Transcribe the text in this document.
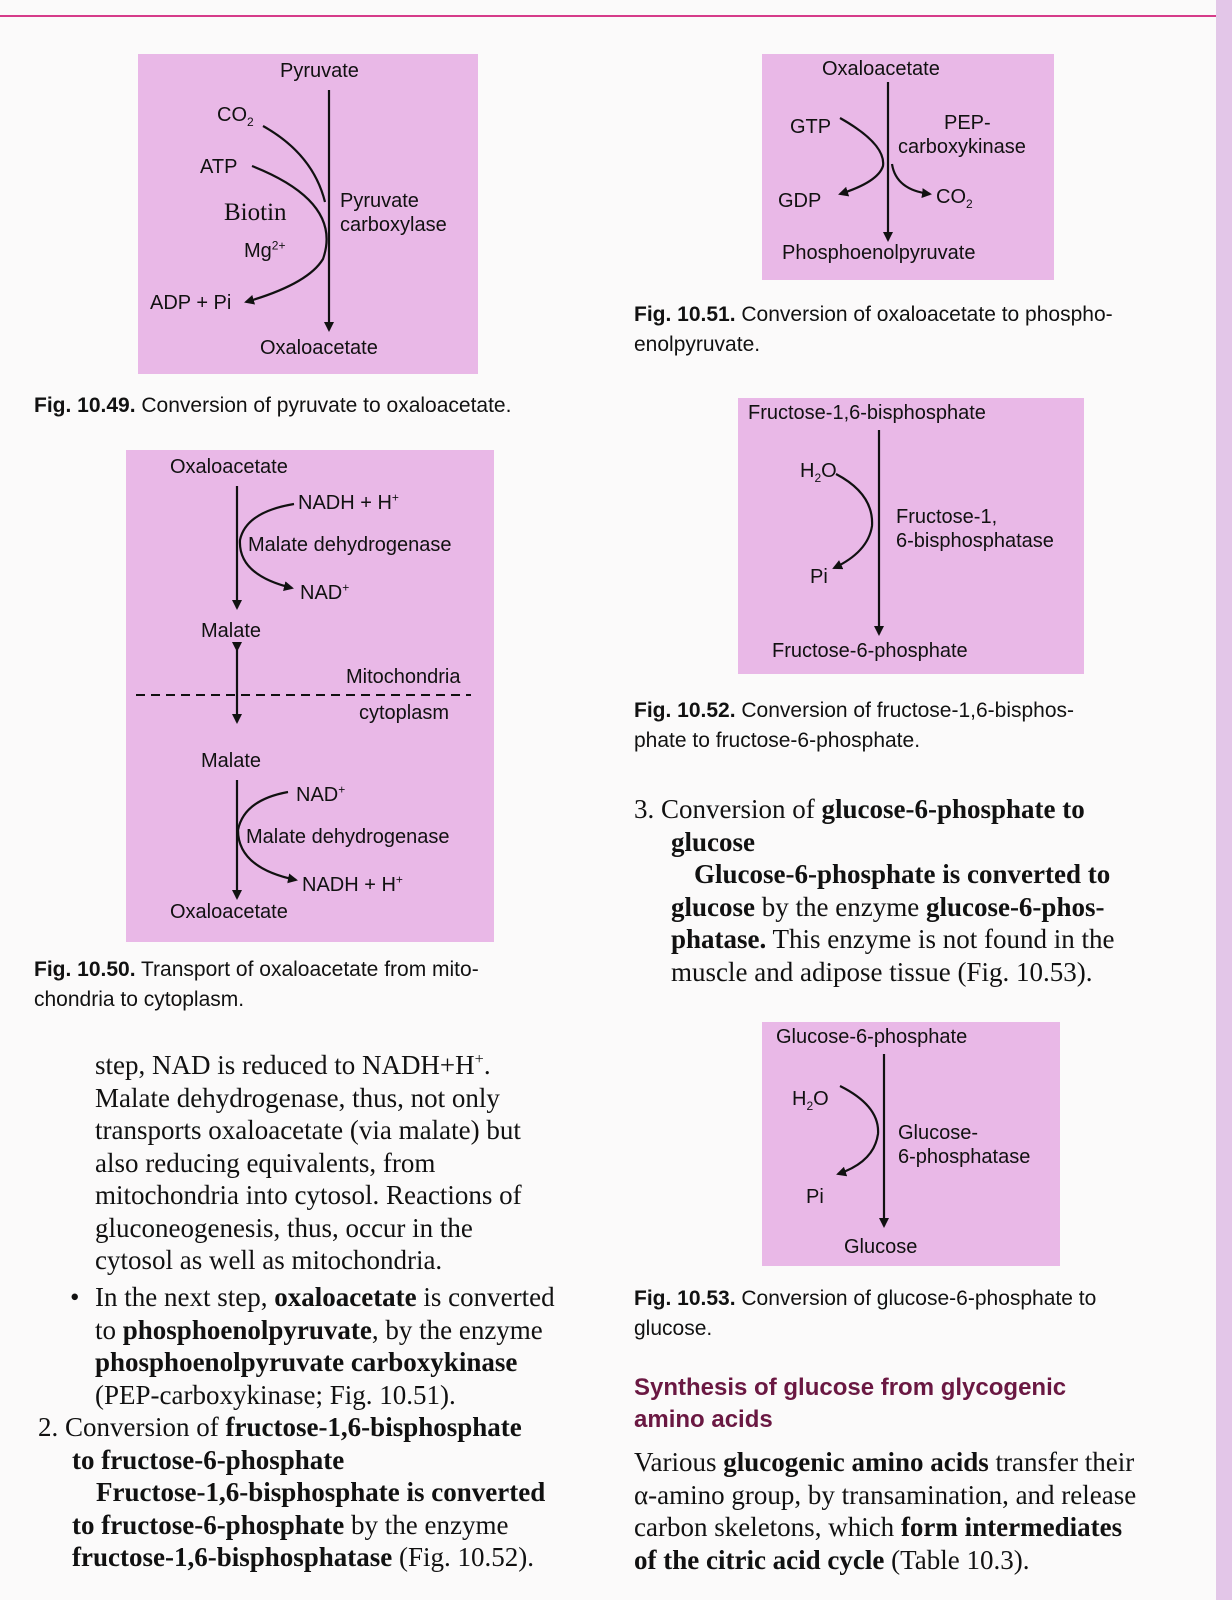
Pyruvate
$CO_2$
ATP
Biotin
$Mg^{2+}$
Pyruvate
carboxylase
ADP + Pi
Oxaloacetate
Fig. 10.49. Conversion of pyruvate to oxaloacetate.
Oxaloacetate
NADH + H+
Malate dehydrogenase
NAD+
Malate
Mitochondria
cytoplasm
Malate
NAD+
Malate dehydrogenase
NADH + H+
Oxaloacetate
Fig. 10.50. Transport of oxaloacetate from mito-
chondria to cytoplasm.
Oxaloacetate
GTP	PEP-
carboxykinase
GDP	$CO_2$
Phosphoenolpyruvate
Fig. 10.51. Conversion of oxaloacetate to phospho-
enolpyruvate.
Fructose-1,6-bisphosphate
$H_2O$
Fructose-1,
6-bisphosphatase
Pi
Fructose-6-phosphate
Fig. 10.52. Conversion of fructose-1,6-bisphos-
phate to fructose-6-phosphate.

3. Conversion of glucose-6-phosphate to

glucose

Glucose-6-phosphate is converted to

glucose by the enzyme glucose-6-phos-

phatase. This enzyme is not found in the

muscle and adipose tissue (Fig. 10.53).

Glucose-6-phosphate
$H_2O$
Glucose-
6-phosphatase
Pi
Glucose
Fig. 10.53. Conversion of glucose-6-phosphate to
glucose.
Synthesis of glucose from glycogenic
amino acids

Various glucogenic amino acids transfer their

α-amino group, by transamination, and release

carbon skeletons, which form intermediates

of the citric acid cycle (Table 10.3).

step, NAD is reduced to NADH+H+.

Malate dehydrogenase, thus, not only

transports oxaloacetate (via malate) but

also reducing equivalents, from

mitochondria into cytosol. Reactions of

gluconeogenesis, thus, occur in the

cytosol as well as mitochondria.

• In the next step, oxaloacetate is converted

to phosphoenolpyruvate, by the enzyme

phosphoenolpyruvate carboxykinase

(PEP-carboxykinase; Fig. 10.51).

2. Conversion of fructose-1,6-bisphosphate

to fructose-6-phosphate

Fructose-1,6-bisphosphate is converted

to fructose-6-phosphate by the enzyme

fructose-1,6-bisphosphatase (Fig. 10.52).
